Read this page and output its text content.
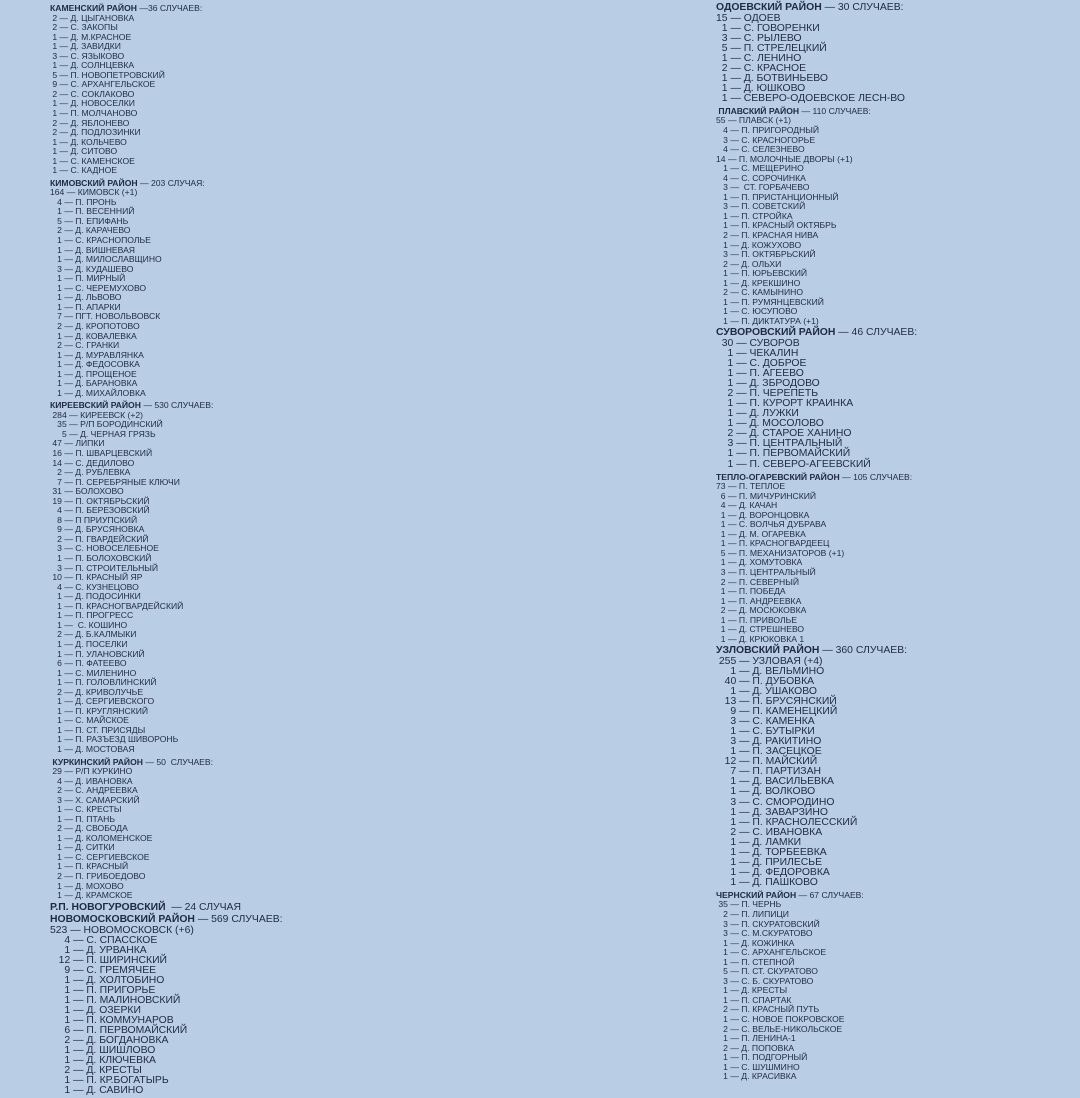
КАМЕНСКИЙ РАЙОН —36 СЛУЧАЕВ:
2 — Д. ЦЫГАНОВКА
2 — С. ЗАКОПЫ
1 — Д. М.КРАСНОЕ
1 — Д. ЗАВИДКИ
3 — С. ЯЗЫКОВО
1 — Д. СОЛНЦЕВКА
5 — П. НОВОПЕТРОВСКИЙ
9 — С. АРХАНГЕЛЬСКОЕ
2 — С. СОКЛАКОВО
1 — Д. НОВОСЕЛКИ
1 — П. МОЛЧАНОВО
2 — Д. ЯБЛОНЕВО
2 — Д. ПОДЛОЗИНКИ
1 — Д. КОЛЬЧЕВО
1 — Д. СИТОВО
1 — С. КАМЕНСКОЕ
1 — С. КАДНОЕ
КИМОВСКИЙ РАЙОН — 203 СЛУЧАЯ:
164 — КИМОВСК (+1)
4 — П. ПРОНЬ
1 — П. ВЕСЕННИЙ
5 — П. ЕПИФАНЬ
2 — Д. КАРАЧЕВО
1 — С. КРАСНОПОЛЬЕ
1 — Д. ВИШНЕВАЯ
1 — Д. МИЛОСЛАВЩИНО
3 — Д. КУДАШЕВО
1 — П. МИРНЫЙ
1 — С. ЧЕРЕМУХОВО
1 — Д. ЛЬВОВО
1 — П. АПАРКИ
7 — ПГТ. НОВОЛЬВОВСК
2 — Д. КРОПОТОВО
1 — Д. КОВАЛЕВКА
2 — С. ГРАНКИ
1 — Д. МУРАВЛЯНКА
1 — Д. ФЕДОСОВКА
1 — Д. ПРОЩЕНОЕ
1 — Д. БАРАНОВКА
1 — Д. МИХАЙЛОВКА
КИРЕЕВСКИЙ РАЙОН — 530 СЛУЧАЕВ:
284 — КИРЕЕВСК (+2)
35 — Р/П БОРОДИНСКИЙ
5 — Д. ЧЕРНАЯ ГРЯЗЬ
47 — ЛИПКИ
16 — П. ШВАРЦЕВСКИЙ
14 — С. ДЕДИЛОВО
2 — Д. РУБЛЕВКА
7 — П. СЕРЕБРЯНЫЕ КЛЮЧИ
31 — БОЛОХОВО
19 — П. ОКТЯБРЬСКИЙ
4 — П. БЕРЕЗОВСКИЙ
8 — П ПРИУПСКИЙ
9 — Д. БРУСЯНОВКА
2 — П. ГВАРДЕЙСКИЙ
3 — С. НОВОСЕЛЕБНОЕ
1 — П. БОЛОХОВСКИЙ
3 — П. СТРОИТЕЛЬНЫЙ
10 — П. КРАСНЫЙ ЯР
4 — С. КУЗНЕЦОВО
1 — Д. ПОДОСИНКИ
1 — П. КРАСНОГВАРДЕЙСКИЙ
1 — П. ПРОГРЕСС
1 —  С. КОШИНО
2 — Д. Б.КАЛМЫКИ
1 — Д. ПОСЕЛКИ
1 — П. УЛАНОВСКИЙ
6 — П. ФАТЕЕВО
1 — С. МИЛЕНИНО
1 — П. ГОЛОВЛИНСКИЙ
2 — Д. КРИВОЛУЧЬЕ
1 — Д. СЕРГИЕВСКОГО
1 — П. КРУГЛЯНСКИЙ
1 — С. МАЙСКОЕ
1 — П. СТ. ПРИСЯДЫ
1 — П. РАЗЪЕЗД ШИВОРОНЬ
1 — Д. МОСТОВАЯ
КУРКИНСКИЙ РАЙОН — 50  СЛУЧАЕВ:
29 — Р/П КУРКИНО
4 — Д. ИВАНОВКА
2 — С. АНДРЕЕВКА
3 — Х. САМАРСКИЙ
1 — С. КРЕСТЫ
1 — П. ПТАНЬ
2 — Д. СВОБОДА
1 — Д. КОЛОМЕНСКОЕ
1 — Д. СИТКИ
1 — С. СЕРГИЕВСКОЕ
1 — П. КРАСНЫЙ
2 — П. ГРИБОЕДОВО
1 — Д. МОХОВО
1 — Д. КРАМСКОЕ
Р.П. НОВОГУРОВСКИЙ  — 24 СЛУЧАЯ
НОВОМОСКОВСКИЙ РАЙОН — 569 СЛУЧАЕВ:
523 — НОВОМОСКОВСК (+6)
4 — С. СПАССКОЕ
1 — Д. УРВАНКА
12 — П. ШИРИНСКИЙ
9 — С. ГРЕМЯЧЕЕ
1 — Д. ХОЛТОБИНО
1 — П. ПРИГОРЬЕ
1 — П. МАЛИНОВСКИЙ
1 — Д. ОЗЕРКИ
1 — П. КОММУНАРОВ
6 — П. ПЕРВОМАЙСКИЙ
2 — Д. БОГДАНОВКА
1 — Д. ШИШЛОВО
1 — Д. КЛЮЧЕВКА
2 — Д. КРЕСТЫ
1 — П. КР.БОГАТЫРЬ
1 — Д. САВИНО
ОДОЕВСКИЙ РАЙОН — 30 СЛУЧАЕВ:
15 — ОДОЕВ
1 — С. ГОВОРЕНКИ
3 — С. РЫЛЕВО
5 — П. СТРЕЛЕЦКИЙ
1 — С. ЛЕНИНО
2 — С. КРАСНОЕ
1 — Д. БОТВИНЬЕВО
1 — Д. ЮШКОВО
1 — СЕВЕРО-ОДОЕВСКОЕ ЛЕСН-ВО
ПЛАВСКИЙ РАЙОН — 110 СЛУЧАЕВ:
55 — ПЛАВСК (+1)
4 — П. ПРИГОРОДНЫЙ
3 — С. КРАСНОГОРЬЕ
4 — С. СЕЛЕЗНЕВО
14 — П. МОЛОЧНЫЕ ДВОРЫ (+1)
1 — С. МЕЩЕРИНО
4 — С. СОРОЧИНКА
3 —  СТ. ГОРБАЧЕВО
1 — П. ПРИСТАНЦИОННЫЙ
3 — П. СОВЕТСКИЙ
1 — П. СТРОЙКА
1 — П. КРАСНЫЙ ОКТЯБРЬ
2 — П. КРАСНАЯ НИВА
1 — Д. КОЖУХОВО
3 — П. ОКТЯБРЬСКИЙ
2 — Д. ОЛЬХИ
1 — П. ЮРЬЕВСКИЙ
1 — Д. КРЕКШИНО
2 — С. КАМЫНИНО
1 — П. РУМЯНЦЕВСКИЙ
1 — С. ЮСУПОВО
1 — П. ДИКТАТУРА (+1)
СУВОРОВСКИЙ РАЙОН — 46 СЛУЧАЕВ:
30 — СУВОРОВ
1 — ЧЕКАЛИН
1 — С. ДОБРОЕ
1 — П. АГЕЕВО
1 — Д. ЗБРОДОВО
2 — П. ЧЕРЕПЕТЬ
1 — П. КУРОРТ КРАИНКА
1 — Д. ЛУЖКИ
1 — Д. МОСОЛОВО
2 — Д. СТАРОЕ ХАНИНО
3 — П. ЦЕНТРАЛЬНЫЙ
1 — П. ПЕРВОМАЙСКИЙ
1 — П. СЕВЕРО-АГЕЕВСКИЙ
ТЕПЛО-ОГАРЕВСКИЙ РАЙОН — 105 СЛУЧАЕВ:
73 — П. ТЕПЛОЕ
6 — П. МИЧУРИНСКИЙ
4 — Д. КАЧАН
1 — Д. ВОРОНЦОВКА
1 — С. ВОЛЧЬЯ ДУБРАВА
1 — Д. М. ОГАРЕВКА
1 — П. КРАСНОГВАРДЕЕЦ
5 — П. МЕХАНИЗАТОРОВ (+1)
1 — Д. ХОМУТОВКА
3 — П. ЦЕНТРАЛЬНЫЙ
2 — П. СЕВЕРНЫЙ
1 — П. ПОБЕДА
1 — П. АНДРЕЕВКА
2 — Д. МОСЮКОВКА
1 — П. ПРИВОЛЬЕ
1 — Д. СТРЕШНЕВО
1 — Д. КРЮКОВКА 1
УЗЛОВСКИЙ РАЙОН — 360 СЛУЧАЕВ:
255 — УЗЛОВАЯ (+4)
1 — Д. ВЕЛЬМИНО
40 — П. ДУБОВКА
1 — Д. УШАКОВО
13 — П. БРУСЯНСКИЙ
9 — П. КАМЕНЕЦКИЙ
3 — С. КАМЕНКА
1 — С. БУТЫРКИ
3 — Д. РАКИТИНО
1 — П. ЗАСЕЦКОЕ
12 — П. МАЙСКИЙ
7 — П. ПАРТИЗАН
1 — Д. ВАСИЛЬЕВКА
1 — Д. ВОЛКОВО
3 — С. СМОРОДИНО
1 — Д. ЗАВАРЗИНО
1 — П. КРАСНОЛЕССКИЙ
2 — С. ИВАНОВКА
1 — Д. ЛАМКИ
1 — Д. ТОРБЕЕВКА
1 — Д. ПРИЛЕСЬЕ
1 — Д. ФЕДОРОВКА
1 — Д. ПАШКОВО
ЧЕРНСКИЙ РАЙОН — 67 СЛУЧАЕВ:
35 — П. ЧЕРНЬ
2 — П. ЛИПИЦИ
3 — П. СКУРАТОВСКИЙ
3 — С. М.СКУРАТОВО
1 — Д. КОЖИНКА
1 — С. АРХАНГЕЛЬСКОЕ
1 — П. СТЕПНОЙ
5 — П. СТ. СКУРАТОВО
3 — С. Б. СКУРАТОВО
1 — Д. КРЕСТЫ
1 — П. СПАРТАК
2 — П. КРАСНЫЙ ПУТЬ
1 — С. НОВОЕ ПОКРОВСКОЕ
2 — С. ВЕЛЬЕ-НИКОЛЬСКОЕ
1 — П. ЛЕНИНА-1
2 — Д. ПОПОВКА
1 — П. ПОДГОРНЫЙ
1 — С. ШУШМИНО
1 — Д. КРАСИВКА
